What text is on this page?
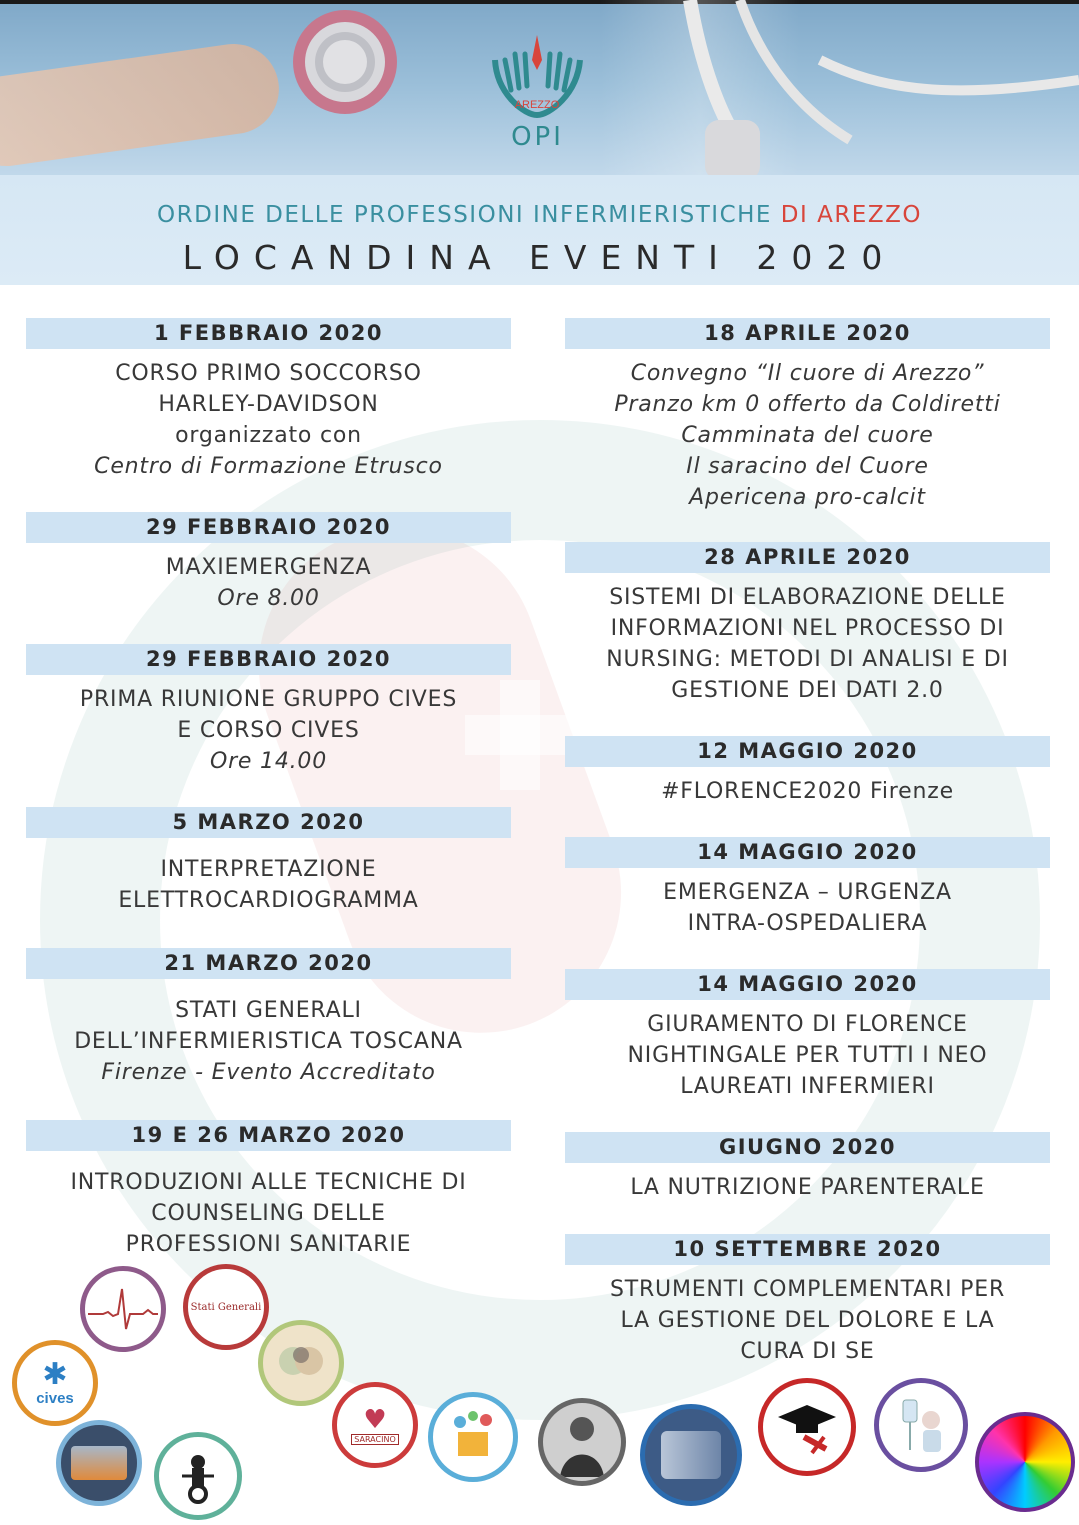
AREZZO
OPI
ORDINE DELLE PROFESSIONI INFERMIERISTICHE DI AREZZO
LOCANDINA EVENTI 2020
1 FEBBRAIO 2020
CORSO PRIMO SOCCORSO
HARLEY-DAVIDSON
organizzato con
Centro di Formazione Etrusco
29 FEBBRAIO 2020
MAXIEMERGENZA
Ore 8.00
29 FEBBRAIO 2020
PRIMA RIUNIONE GRUPPO CIVES
E CORSO CIVES
Ore 14.00
5 MARZO 2020
INTERPRETAZIONE
ELETTROCARDIOGRAMMA
21 MARZO 2020
STATI GENERALI
DELL’INFERMIERISTICA TOSCANA
Firenze - Evento Accreditato
19 E 26 MARZO 2020
INTRODUZIONI ALLE TECNICHE DI
COUNSELING DELLE
PROFESSIONI SANITARIE
18 APRILE 2020
Convegno “Il cuore di Arezzo”
Pranzo km 0 offerto da Coldiretti
Camminata del cuore
Il saracino del Cuore
Apericena pro-calcit
28 APRILE 2020
SISTEMI DI ELABORAZIONE DELLE
INFORMAZIONI NEL PROCESSO DI
NURSING: METODI DI ANALISI E DI
GESTIONE DEI DATI 2.0
12 MAGGIO 2020
#FLORENCE2020 Firenze
14 MAGGIO 2020
EMERGENZA – URGENZA
INTRA-OSPEDALIERA
14 MAGGIO 2020
GIURAMENTO DI FLORENCE
NIGHTINGALE PER TUTTI I NEO
LAUREATI INFERMIERI
GIUGNO 2020
LA NUTRIZIONE PARENTERALE
10 SETTEMBRE 2020
STRUMENTI COMPLEMENTARI PER
LA GESTIONE DEL DOLORE E LA
CURA DI SE
Stati Generali
✱
cives
♥
SARACINO
